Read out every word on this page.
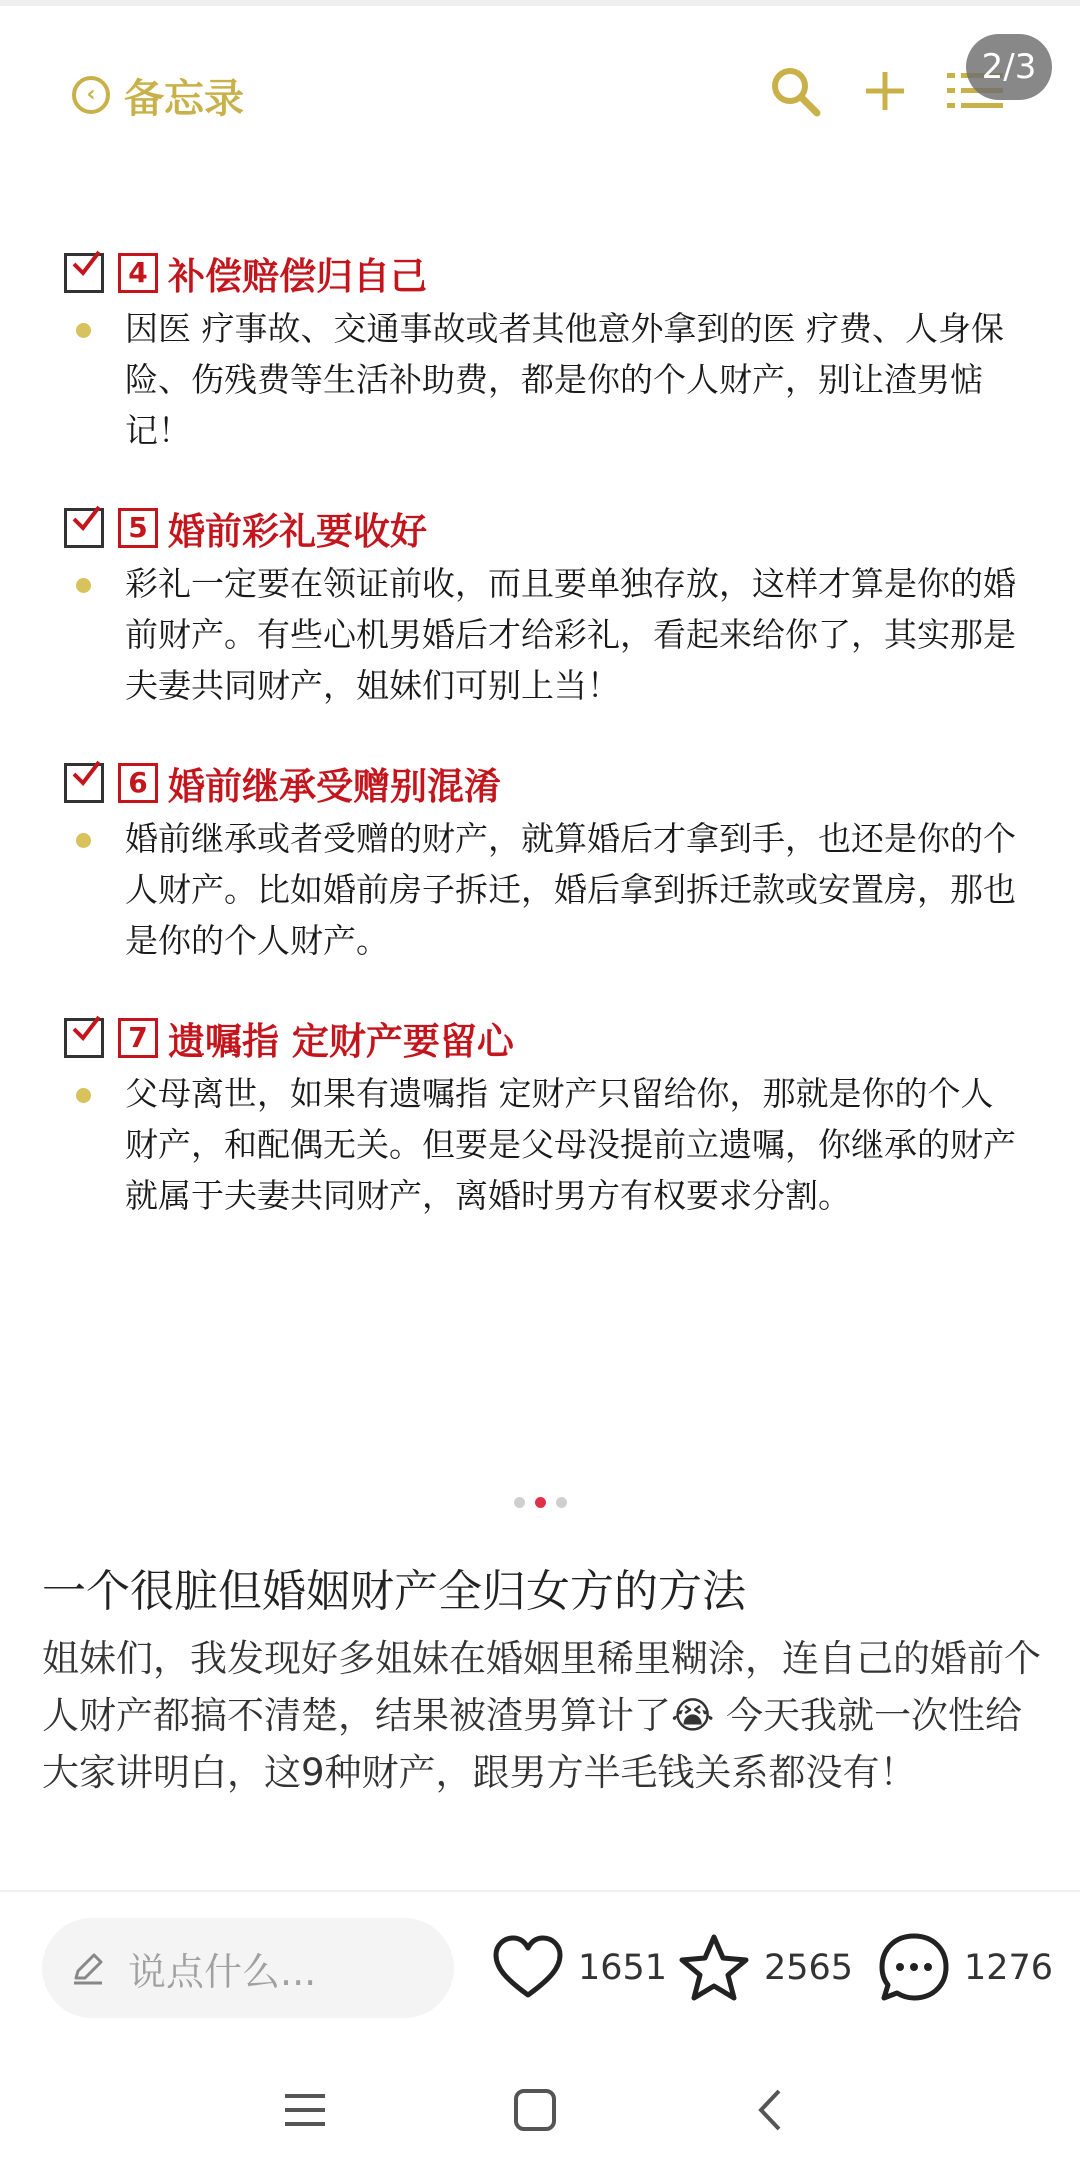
‹ 备忘录
2/3
4 补偿赔偿归自己
因医 疗事故、交通事故或者其他意外拿到的医 疗费、人身保险、伤残费等生活补助费，都是你的个人财产，别让渣男惦记！
5 婚前彩礼要收好
彩礼一定要在领证前收，而且要单独存放，这样才算是你的婚前财产。有些心机男婚后才给彩礼，看起来给你了，其实那是夫妻共同财产，姐妹们可别上当！
6 婚前继承受赠别混淆
婚前继承或者受赠的财产，就算婚后才拿到手，也还是你的个人财产。比如婚前房子拆迁，婚后拿到拆迁款或安置房，那也是你的个人财产。
7 遗嘱指 定财产要留心
父母离世，如果有遗嘱指 定财产只留给你，那就是你的个人财产，和配偶无关。但要是父母没提前立遗嘱，你继承的财产就属于夫妻共同财产，离婚时男方有权要求分割。
一个很脏但婚姻财产全归女方的方法
姐妹们，我发现好多姐妹在婚姻里稀里糊涂，连自己的婚前个人财产都搞不清楚，结果被渣男算计了😭 今天我就一次性给大家讲明白，这9种财产，跟男方半毛钱关系都没有！
说点什么...	1651	2565	1276
